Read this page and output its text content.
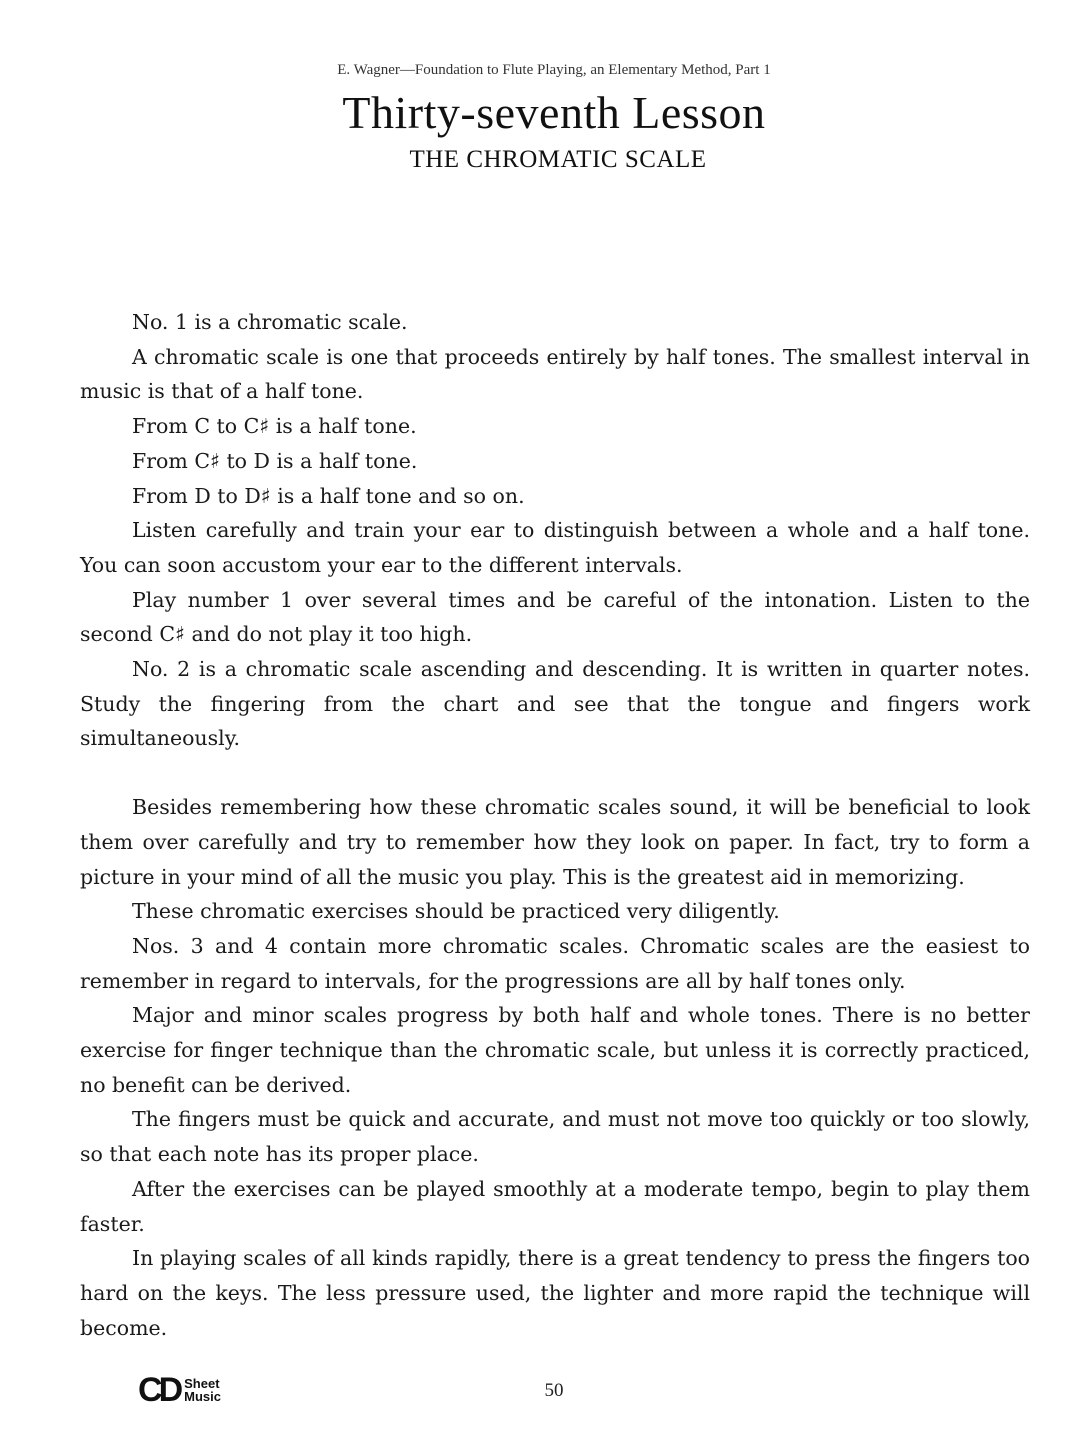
E. Wagner—Foundation to Flute Playing, an Elementary Method, Part 1
Thirty-seventh Lesson
THE CHROMATIC SCALE

No. 1 is a chromatic scale.

A chromatic scale is one that proceeds entirely by half tones. The smallest interval in music is that of a half tone.

From C to C♯ is a half tone.

From C♯ to D is a half tone.

From D to D♯ is a half tone and so on.

Listen carefully and train your ear to distinguish between a whole and a half tone. You can soon accustom your ear to the different intervals.

Play number 1 over several times and be careful of the intonation. Listen to the second C♯ and do not play it too high.

No. 2 is a chromatic scale ascending and descending. It is written in quarter notes. Study the fingering from the chart and see that the tongue and fingers work simultaneously.

Besides remembering how these chromatic scales sound, it will be beneficial to look them over carefully and try to remember how they look on paper. In fact, try to form a picture in your mind of all the music you play. This is the greatest aid in memorizing.

These chromatic exercises should be practiced very diligently.

Nos. 3 and 4 contain more chromatic scales. Chromatic scales are the easiest to remember in regard to intervals, for the progressions are all by half tones only.

Major and minor scales progress by both half and whole tones. There is no better exercise for finger technique than the chromatic scale, but unless it is correctly practiced, no benefit can be derived.

The fingers must be quick and accurate, and must not move too quickly or too slowly, so that each note has its proper place.

After the exercises can be played smoothly at a moderate tempo, begin to play them faster.

In playing scales of all kinds rapidly, there is a great tendency to press the fingers too hard on the keys. The less pressure used, the lighter and more rapid the technique will become.

C
D Sheet
Music	50
